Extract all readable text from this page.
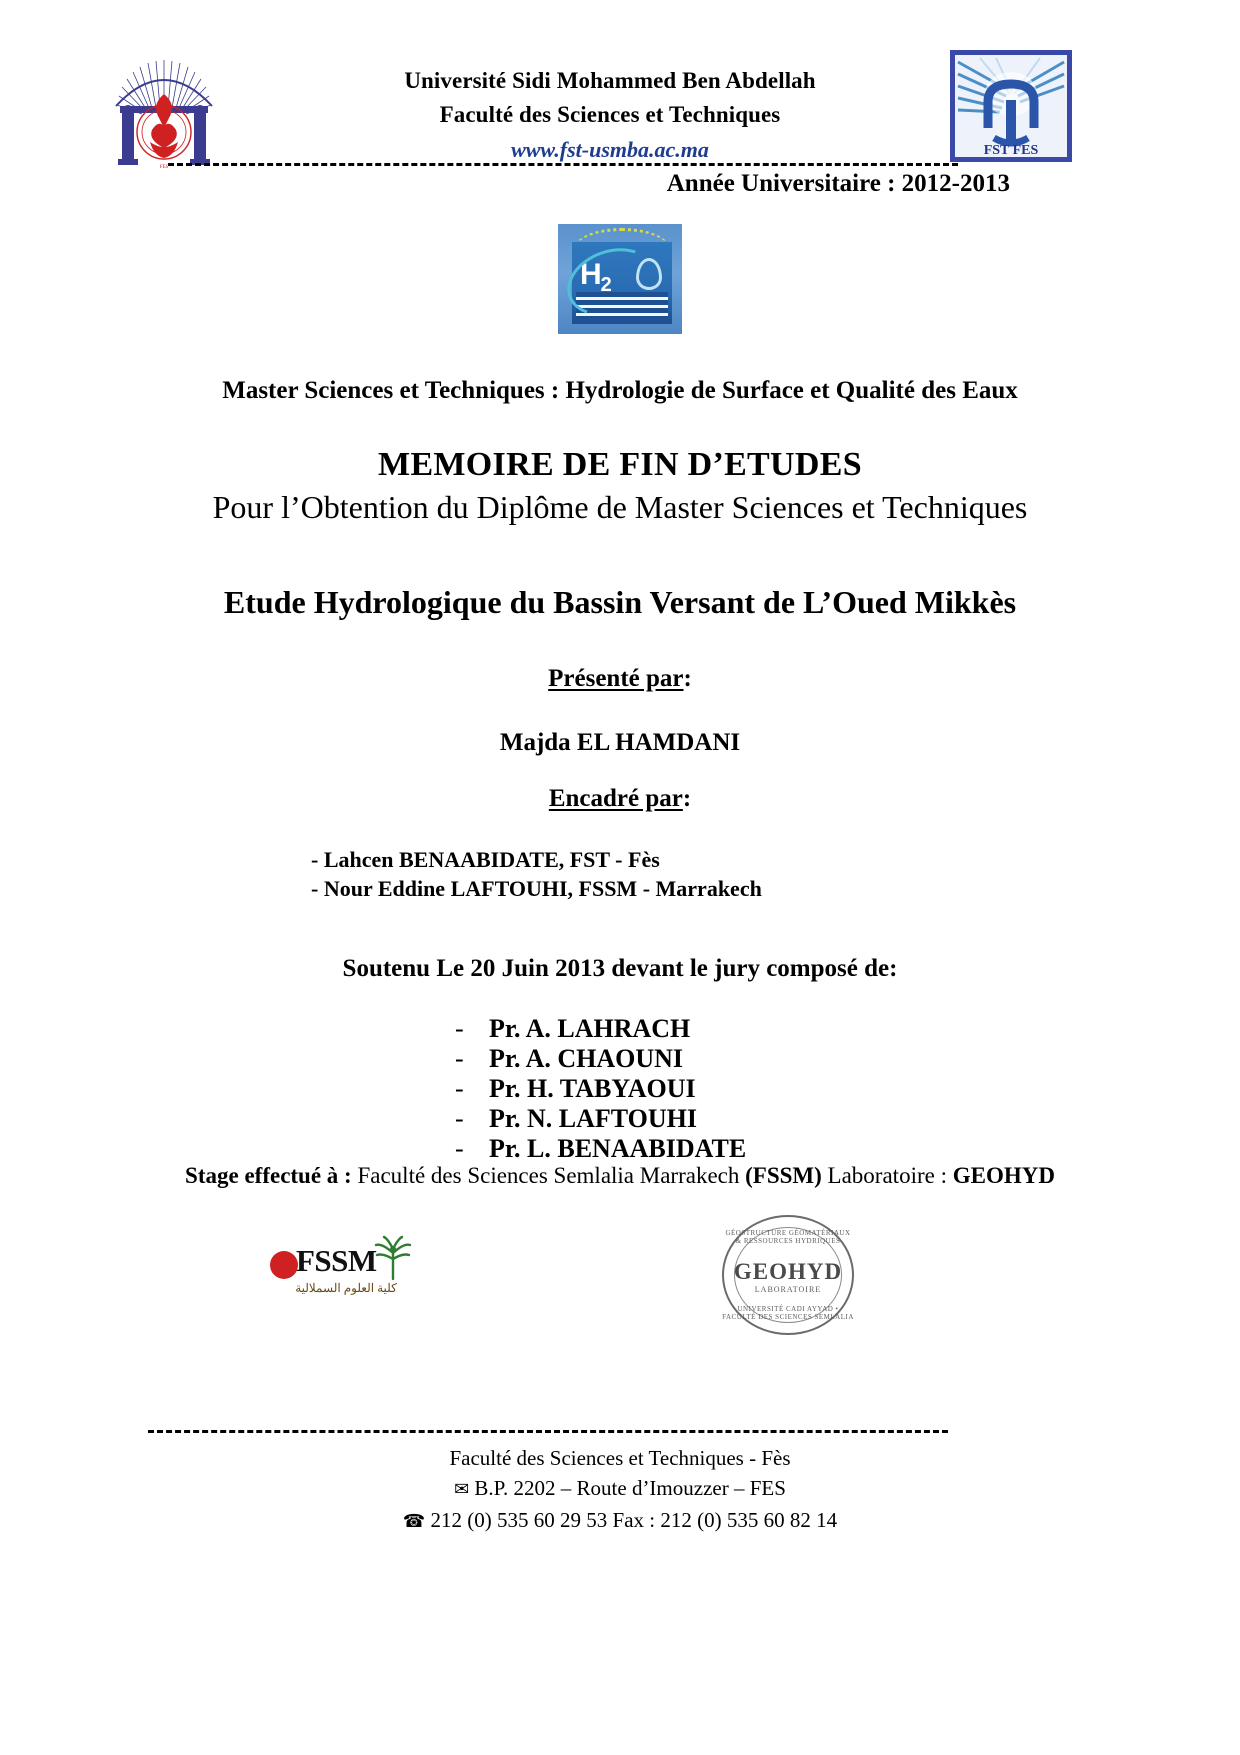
FES
Université Sidi Mohammed Ben Abdellah
Faculté des Sciences et Techniques
www.fst-usmba.ac.ma	FST FES
Année Universitaire : 2012-2013
$H_2$
Master Sciences et Techniques : Hydrologie de Surface et Qualité des Eaux
MEMOIRE DE FIN D’ETUDES
Pour l’Obtention du Diplôme de Master Sciences et Techniques
Etude Hydrologique du Bassin Versant de L’Oued Mikkès
Présenté par:
Majda EL HAMDANI
Encadré par:
- Lahcen BENAABIDATE, FST - Fès
- Nour Eddine LAFTOUHI, FSSM - Marrakech
Soutenu Le 20 Juin 2013 devant le jury composé de:
- Pr. A. LAHRACH
- Pr. A. CHAOUNI
- Pr. H. TABYAOUI
- Pr. N. LAFTOUHI
- Pr. L. BENAABIDATE
Stage effectué à : Faculté des Sciences Semlalia Marrakech (FSSM) Laboratoire : GEOHYD
FSSM
كلية العلوم السملالية
GÉOSTRUCTURE GÉOMATÉRIAUX & RESSOURCES HYDRIQUES
GEOHYD
LABORATOIRE
UNIVERSITÉ CADI AYYAD • FACULTÉ DES SCIENCES SEMLALIA
Faculté des Sciences et Techniques - Fès
✉ B.P. 2202 – Route d’Imouzzer – FES
☎ 212 (0) 535 60 29 53 Fax : 212 (0) 535 60 82 14
